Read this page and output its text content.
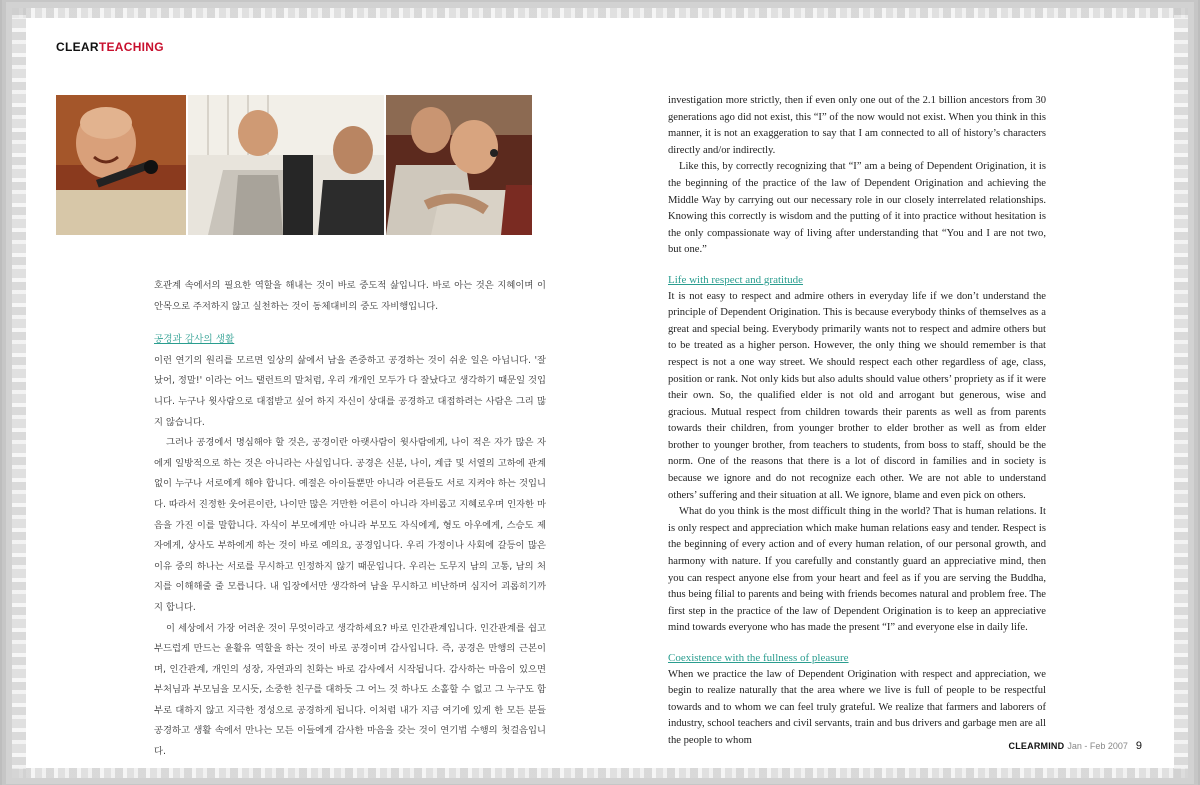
CLEARTEACHING

호관계 속에서의 필요한 역할을 해내는 것이 바로 중도적 삶입니다. 바로 아는 것은 지혜이며 이 안목으로 주저하지 않고 실천하는 것이 동체대비의 중도 자비행입니다.

공경과 감사의 생활

이런 연기의 원리를 모르면 일상의 삶에서 남을 존중하고 공경하는 것이 쉬운 일은 아닙니다. '잘 났어, 정말!' 이라는 어느 탤런트의 말처럼, 우리 개개인 모두가 다 잘났다고 생각하기 때문일 것입니다. 누구나 윗사람으로 대접받고 싶어 하지 자신이 상대를 공경하고 대접하려는 사람은 그리 많지 않습니다.

그러나 공경에서 명심해야 할 것은, 공경이란 아랫사람이 윗사람에게, 나이 적은 자가 많은 자에게 일방적으로 하는 것은 아니라는 사실입니다. 공경은 신분, 나이, 계급 및 서열의 고하에 관계없이 누구나 서로에게 해야 합니다. 예절은 아이들뿐만 아니라 어른들도 서로 지켜야 하는 것입니다. 따라서 진정한 웃어른이란, 나이만 많은 거만한 어른이 아니라 자비롭고 지혜로우며 인자한 마음을 가진 이를 말합니다. 자식이 부모에게만 아니라 부모도 자식에게, 형도 아우에게, 스승도 제자에게, 상사도 부하에게 하는 것이 바로 예의요, 공경입니다. 우리 가정이나 사회에 갈등이 많은 이유 중의 하나는 서로를 무시하고 인정하지 않기 때문입니다. 우리는 도무지 남의 고통, 남의 처지를 이해해줄 줄 모릅니다. 내 입장에서만 생각하여 남을 무시하고 비난하며 심지어 괴롭히기까지 합니다.

이 세상에서 가장 어려운 것이 무엇이라고 생각하세요? 바로 인간관계입니다. 인간관계를 쉽고 부드럽게 만드는 윤활유 역할을 하는 것이 바로 공경이며 감사입니다. 즉, 공경은 만행의 근본이며, 인간관계, 개인의 성장, 자연과의 친화는 바로 감사에서 시작됩니다. 감사하는 마음이 있으면 부처님과 부모님을 모시듯, 소중한 친구를 대하듯 그 어느 것 하나도 소홀할 수 없고 그 누구도 함부로 대하지 않고 지극한 정성으로 공경하게 됩니다. 이처럼 내가 지금 여기에 있게 한 모든 분들 공경하고 생활 속에서 만나는 모든 이들에게 감사한 마음을 갖는 것이 연기법 수행의 첫걸음입니다.

investigation more strictly, then if even only one out of the 2.1 billion ancestors from 30 generations ago did not exist, this “I” of the now would not exist. When you think in this manner, it is not an exaggeration to say that I am connected to all of history’s characters directly and/or indirectly.

Like this, by correctly recognizing that “I” am a being of Dependent Origination, it is the beginning of the practice of the law of Dependent Origination and achieving the Middle Way by carrying out our necessary role in our closely interrelated relationships. Knowing this correctly is wisdom and the putting of it into practice without hesitation is the only compassionate way of living after understanding that “You and I are not two, but one.”

Life with respect and gratitude

It is not easy to respect and admire others in everyday life if we don’t understand the principle of Dependent Origination. This is because everybody thinks of themselves as a great and special being. Everybody primarily wants not to respect and admire others but to be treated as a higher person. However, the only thing we should remember is that respect is not a one way street. We should respect each other regardless of age, class, position or rank. Not only kids but also adults should value others’ propriety as if it were their own. So, the qualified elder is not old and arrogant but generous, wise and gracious. Mutual respect from children towards their parents as well as from parents towards their children, from younger brother to elder brother as well as from elder brother to younger brother, from teachers to students, from boss to staff, should be the norm. One of the reasons that there is a lot of discord in families and in society is because we ignore and do not recognize each other. We are not able to understand others’ suffering and their situation at all. We ignore, blame and even pick on others.

What do you think is the most difficult thing in the world? That is human relations. It is only respect and appreciation which make human relations easy and tender. Respect is the beginning of every action and of every human relation, of our personal growth, and harmony with nature. If you carefully and constantly guard an appreciative mind, then you can respect anyone else from your heart and feel as if you are serving the Buddha, thus being filial to parents and being with friends becomes natural and problem free. The first step in the practice of the law of Dependent Origination is to keep an appreciative mind towards everyone who has made the present “I” and everyone else in daily life.

Coexistence with the fullness of pleasure

When we practice the law of Dependent Origination with respect and appreciation, we begin to realize naturally that the area where we live is full of people to be respectful towards and to whom we can feel truly grateful. We realize that farmers and laborers of industry, school teachers and civil servants, train and bus drivers and garbage men are all the people to whom

CLEARMIND Jan - Feb 2007 9
